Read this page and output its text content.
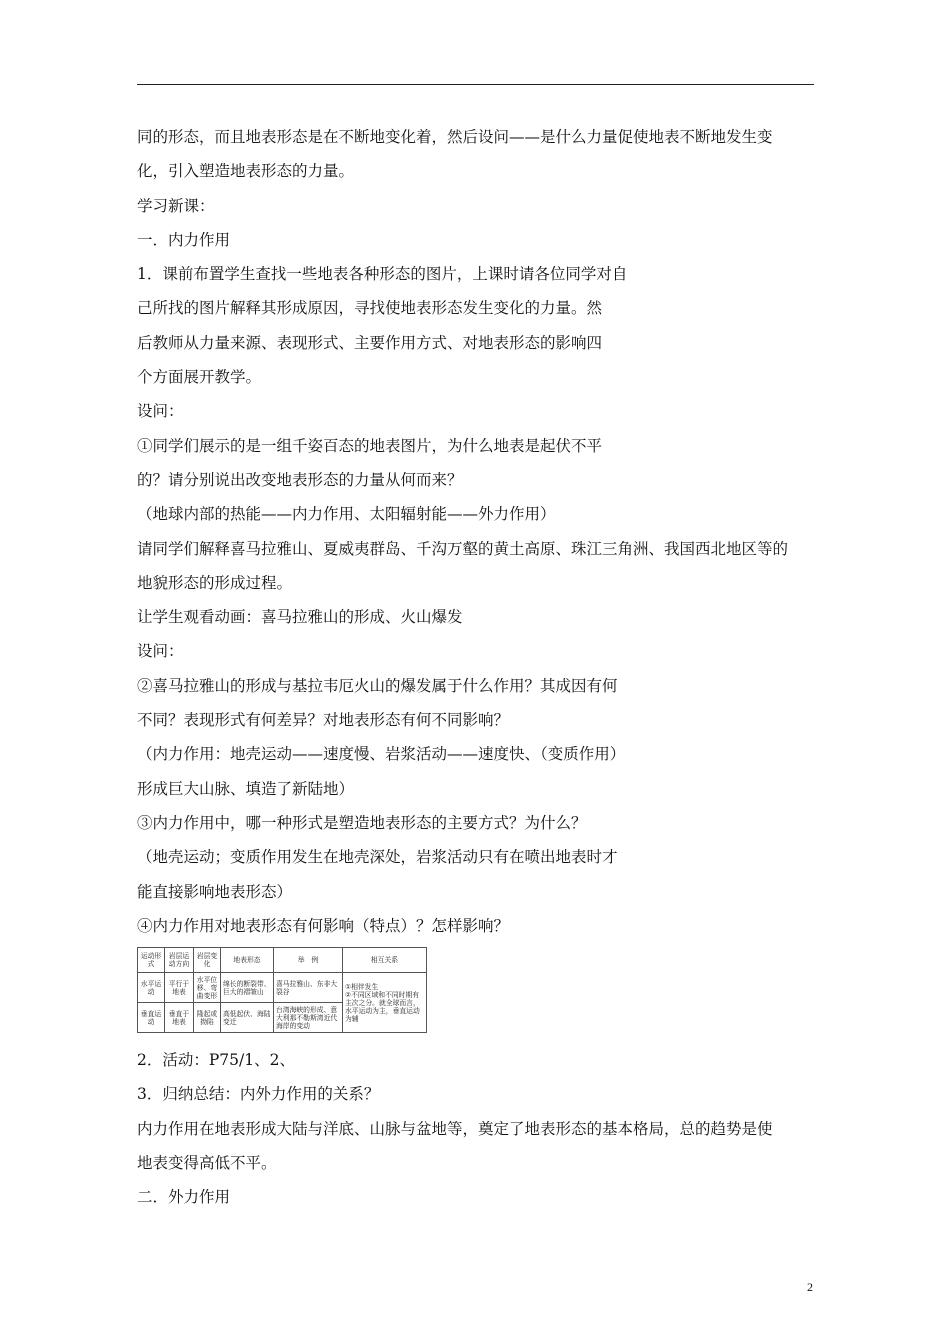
同的形态，而且地表形态是在不断地变化着，然后设问——是什么力量促使地表不断地发生变
化，引入塑造地表形态的力量。
学习新课：
一．内力作用
1．课前布置学生查找一些地表各种形态的图片，上课时请各位同学对自
己所找的图片解释其形成原因，寻找使地表形态发生变化的力量。然
后教师从力量来源、表现形式、主要作用方式、对地表形态的影响四
个方面展开教学。
设问：
①同学们展示的是一组千姿百态的地表图片，为什么地表是起伏不平
的？请分别说出改变地表形态的力量从何而来？
（地球内部的热能——内力作用、太阳辐射能——外力作用）
请同学们解释喜马拉雅山、夏威夷群岛、千沟万壑的黄土高原、珠江三角洲、我国西北地区等的
地貌形态的形成过程。
让学生观看动画：喜马拉雅山的形成、火山爆发
设问：
②喜马拉雅山的形成与基拉韦厄火山的爆发属于什么作用？其成因有何
不同？表现形式有何差异？对地表形态有何不同影响？
（内力作用：地壳运动——速度慢、岩浆活动——速度快、（变质作用）
形成巨大山脉、填造了新陆地）
③内力作用中，哪一种形式是塑造地表形态的主要方式？为什么？
（地壳运动；变质作用发生在地壳深处，岩浆活动只有在喷出地表时才
能直接影响地表形态）
④内力作用对地表形态有何影响（特点）？怎样影响？
运动形式	岩层运动方向	岩层变化	地表形态	举　例	相互关系
水平运动	平行于地表	水平位移、弯曲变形	绵长的断裂带、巨大的褶皱山	喜马拉雅山、东非大裂谷	①相伴发生
②不同区域和不同时期有主次之分。就全球而言，水平运动为主，垂直运动为辅
垂直运动	垂直于地表	隆起或拗陷	高低起伏、海陆变迁	台湾海峡的形成、意大利那不勒斯湾近代海岸的变动	
2．活动：P75/1、2、
3．归纳总结：内外力作用的关系？
内力作用在地表形成大陆与洋底、山脉与盆地等，奠定了地表形态的基本格局，总的趋势是使
地表变得高低不平。
二．外力作用
2
